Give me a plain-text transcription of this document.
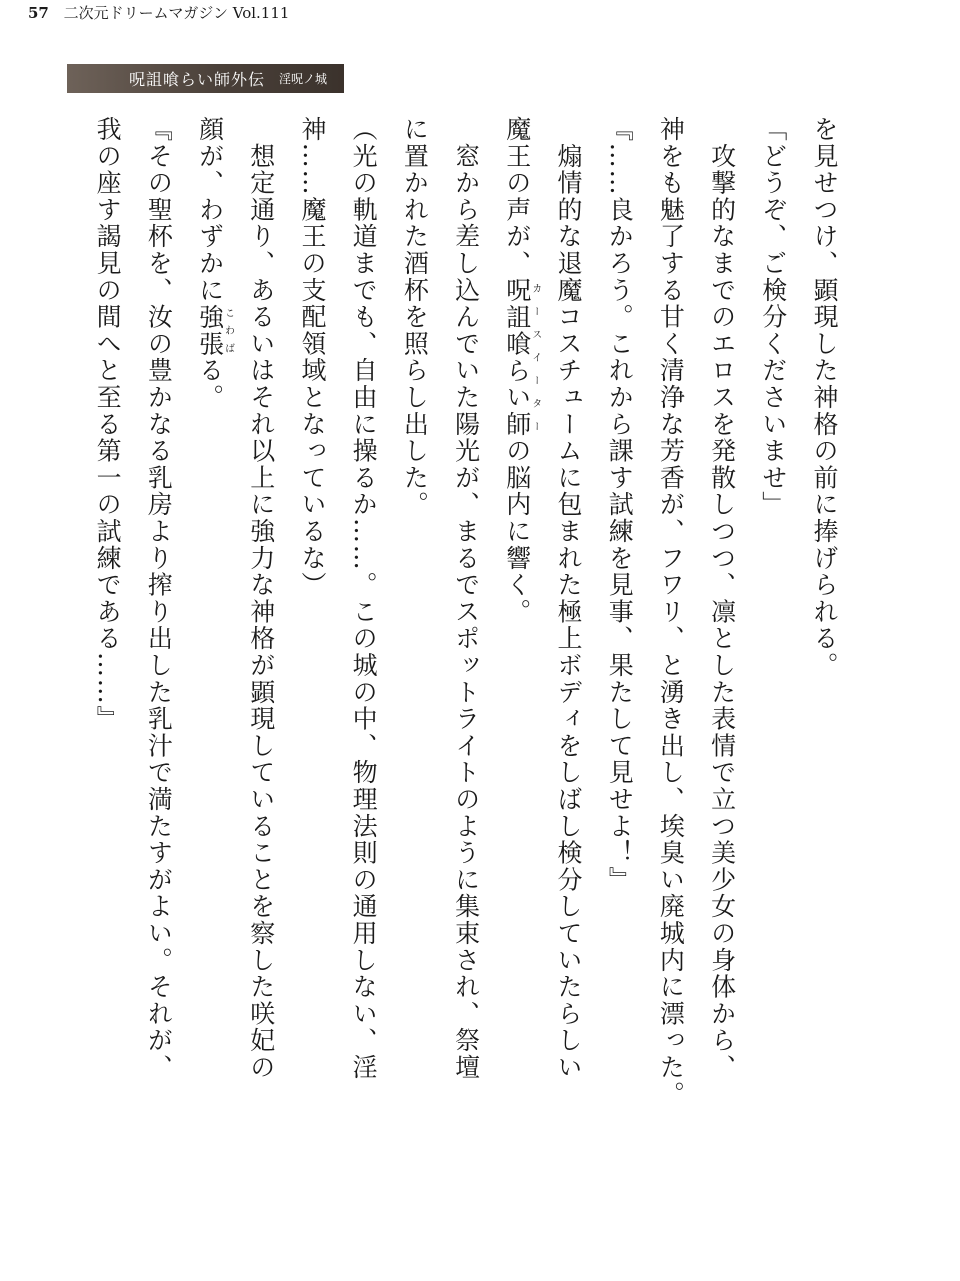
57 二次元ドリームマガジン Vol.111
呪詛喰らい師外伝 淫呪ノ城

を見せつけ、顕現した神格の前に捧げられる。

「どうぞ、ご検分くださいませ」

　攻撃的なまでのエロスを発散しつつ、凛とした表情で立つ美少女の身体から、

神をも魅了する甘く清浄な芳香が、フワリ、と湧き出し、埃臭い廃城内に漂った。

『……良かろう。これから課す試練を見事、果たして見せよ！』

　煽情的な退魔コスチュームに包まれた極上ボディをしばし検分していたらしい

魔王の声が、呪詛喰らい師カースイーターの脳内に響く。

　窓から差し込んでいた陽光が、まるでスポットライトのように集束され、祭壇

に置かれた酒杯を照らし出した。

（光の軌道までも、自由に操るか……。この城の中、物理法則の通用しない、淫

神……魔王の支配領域となっているな）

　想定通り、あるいはそれ以上に強力な神格が顕現していることを察した咲妃の

顔が、わずかに強張こわばる。

『その聖杯を、汝の豊かなる乳房より搾り出した乳汁で満たすがよい。それが、

我の座す謁見の間へと至る第一の試練である……』
